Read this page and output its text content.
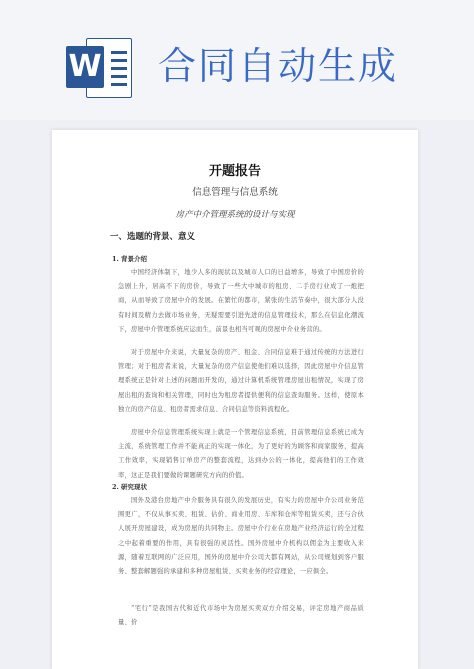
W 合同自动生成
开题报告
信息管理与信息系统
房产中介管理系统的设计与实现
一、选题的背景、意义
1. 背景介绍

中国经济体制下，地少人多的现状以及城市人口的日益增多，导致了中国房价的急剧上升，居高不下的房价，导致了一些大中城市的租房、二手房行业成了一炮把商，从而导致了房屋中介的发展。在繁忙的都市，紧张的生活节奏中，很大部分人没有时间及精力去做市场业务，无疑需要引进先进的信息管理技术，那么在信息化潮流下，房屋中介管理系统应运而生，前景也相当可观的房屋中介业务营的。

对于房屋中介来说，大量复杂的房产、租金、合同信息难于通过传统的方法进行管理；对于租房者来说，大量复杂的房产信息使他们难以选择，因此房屋中介信息管理系统正是针对上述的问题而开发的，通过计算机系统管理房屋出租情况，实现了房屋出租的查询和相关管理，同时也为租房者提供便利的信息查询服务。这样，使原本独立的房产信息、租房者需求信息、合同信息等资料流程化。

房屋中介信息管理系统实现上就是一个管理信息系统，目前管理信息系统已成为主流，系统管理工作并不能真正的实现一体化，为了更好的为顾客和商家服务，提高工作效率，实现销售订单房产的整套流程，达到办公的一体化，提高他们的工作效率，这正是我们要做的课题研究方向的价值。

2. 研究现状

国外及港台房地产中介服务具有很久的发展历史，有实力的房屋中介公司业务范围更广，不仅从事买卖、租赁、估价、商业用房、车库和仓库等租赁买卖，还与合伙人展开房屋建设，成为房屋的共同物主。房屋中介行业在房地产业经济运行的全过程之中起着重要的作用，具有很强的灵活性。国外房屋中介机构以佣金为主要收入来源，随着互联网的广泛应用，国外的房屋中介公司大都有网站，从公司规划到客户服务、整套解题强的承建和多种房屋租赁、买卖业务的经营理论，一应俱全。

“宅行”是我国古代和近代市场中为房屋买卖双方介绍交易，评定房地产商品质量、价
